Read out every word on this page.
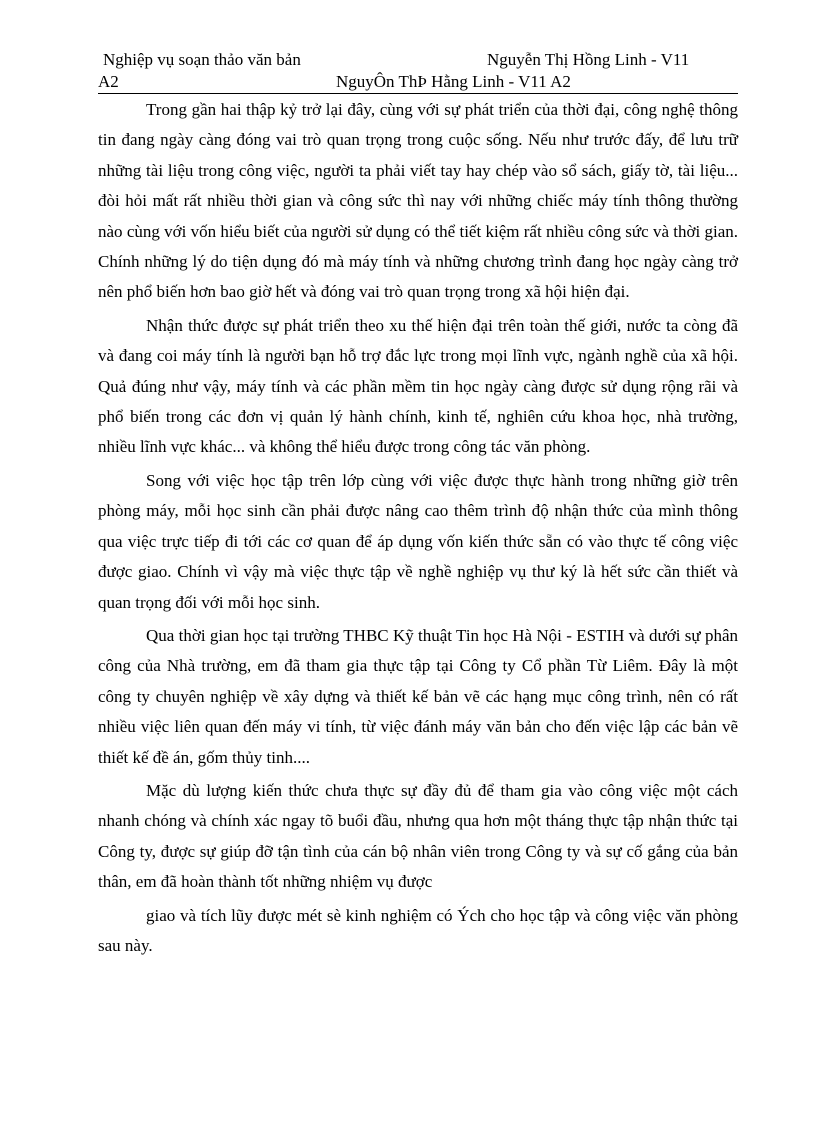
Nghiệp vụ soạn thảo văn bản	Nguyễn Thị Hồng Linh - V11
A2	NguyÔn ThÞ Hằng Linh - V11 A2

Trong gần hai thập kỷ trở lại đây, cùng với sự phát triển của thời đại, công nghệ thông tin đang ngày càng đóng vai trò quan trọng trong cuộc sống. Nếu như trước đấy, để lưu trữ những tài liệu trong công việc, người ta phải viết tay hay chép vào sổ sách, giấy tờ, tài liệu... đòi hỏi mất rất nhiều thời gian và công sức thì nay với những chiếc máy tính thông thường nào cùng với vốn hiểu biết của người sử dụng có thể tiết kiệm rất nhiều công sức và thời gian. Chính những lý do tiện dụng đó mà máy tính và những chương trình đang học ngày càng trở nên phổ biến hơn bao giờ hết và đóng vai trò quan trọng trong xã hội hiện đại.

Nhận thức được sự phát triển theo xu thế hiện đại trên toàn thế giới, nước ta còng đã và đang coi máy tính là người bạn hỗ trợ đắc lực trong mọi lĩnh vực, ngành nghề của xã hội. Quả đúng như vậy, máy tính và các phần mềm tin học ngày càng được sử dụng rộng rãi và phổ biến trong các đơn vị quản lý hành chính, kinh tế, nghiên cứu khoa học, nhà trường, nhiều lĩnh vực khác... và không thể hiểu được trong công tác văn phòng.

Song với việc học tập trên lớp cùng với việc được thực hành trong những giờ trên phòng máy, mỗi học sinh cần phải được nâng cao thêm trình độ nhận thức của mình thông qua việc trực tiếp đi tới các cơ quan để áp dụng vốn kiến thức sẵn có vào thực tế công việc được giao. Chính vì vậy mà việc thực tập về nghề nghiệp vụ thư ký là hết sức cần thiết và quan trọng đối với mỗi học sinh.

Qua thời gian học tại trường THBC Kỹ thuật Tin học Hà Nội - ESTIH và dưới sự phân công của Nhà trường, em đã tham gia thực tập tại Công ty Cổ phần Từ Liêm. Đây là một công ty chuyên nghiệp về xây dựng và thiết kế bản vẽ các hạng mục công trình, nên có rất nhiều việc liên quan đến máy vi tính, từ việc đánh máy văn bản cho đến việc lập các bản vẽ thiết kế đề án, gốm thủy tinh....

Mặc dù lượng kiến thức chưa thực sự đầy đủ để tham gia vào công việc một cách nhanh chóng và chính xác ngay tõ buổi đầu, nhưng qua hơn một tháng thực tập nhận thức tại Công ty, được sự giúp đỡ tận tình của cán bộ nhân viên trong Công ty và sự cố gắng của bản thân, em đã hoàn thành tốt những nhiệm vụ được

giao và tích lũy được mét sè kinh nghiệm có Ých cho học tập và công việc văn phòng sau này.
